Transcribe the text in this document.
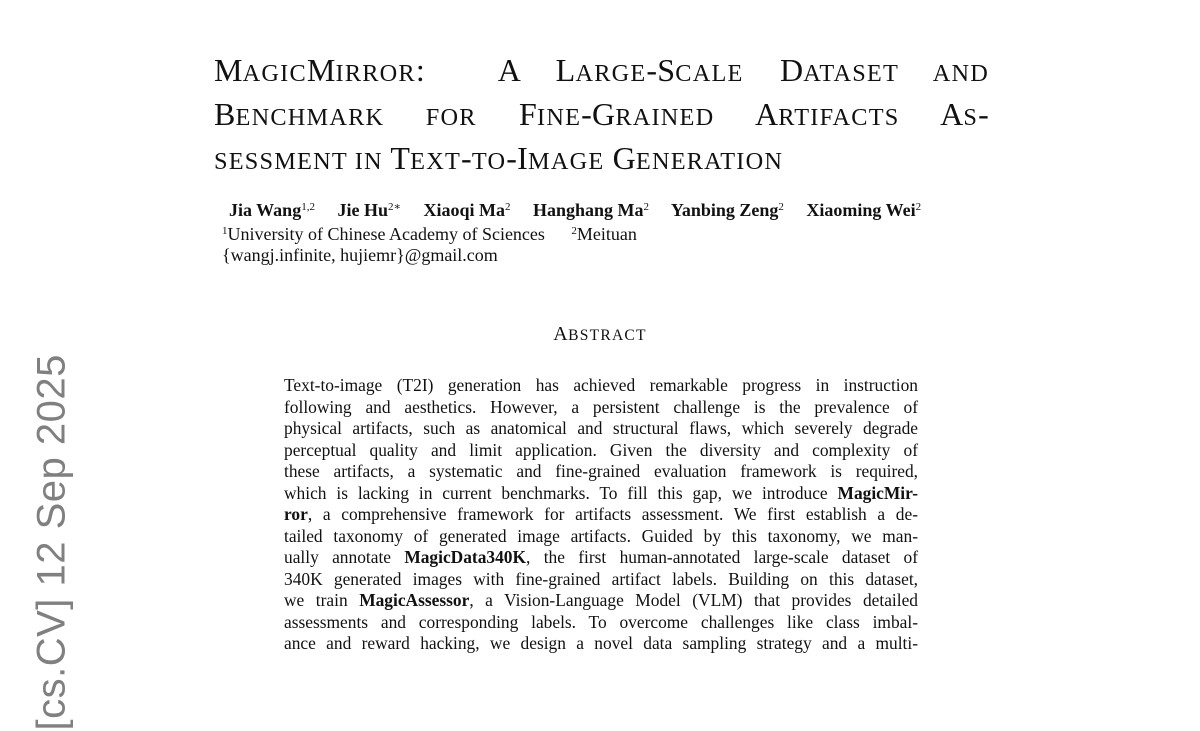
[cs.CV] 12 Sep 2025
MAGICMIRROR:  A LARGE-SCALE DATASET AND
BENCHMARK FOR FINE-GRAINED ARTIFACTS AS-
SESSMENT IN TEXT-TO-IMAGE GENERATION
Jia Wang$^{1,2}$ Jie $Hu^{2∗}$ Xiaoqi Ma$^2$ Hanghang Ma$^2$ Yanbing Zeng$^2$ Xiaoming Wei$^2$
$^1$University of Chinese Academy of Sciences $^2$Meituan
{wangj.infinite, hujiemr}@gmail.com
ABSTRACT
Text-to-image (T2I) generation has achieved remarkable progress in instruction
following and aesthetics. However, a persistent challenge is the prevalence of
physical artifacts, such as anatomical and structural flaws, which severely degrade
perceptual quality and limit application. Given the diversity and complexity of
these artifacts, a systematic and fine-grained evaluation framework is required,
which is lacking in current benchmarks. To fill this gap, we introduce MagicMir-
ror, a comprehensive framework for artifacts assessment. We first establish a de-
tailed taxonomy of generated image artifacts. Guided by this taxonomy, we man-
ually annotate MagicData340K, the first human-annotated large-scale dataset of
340K generated images with fine-grained artifact labels. Building on this dataset,
we train MagicAssessor, a Vision-Language Model (VLM) that provides detailed
assessments and corresponding labels. To overcome challenges like class imbal-
ance and reward hacking, we design a novel data sampling strategy and a multi-
